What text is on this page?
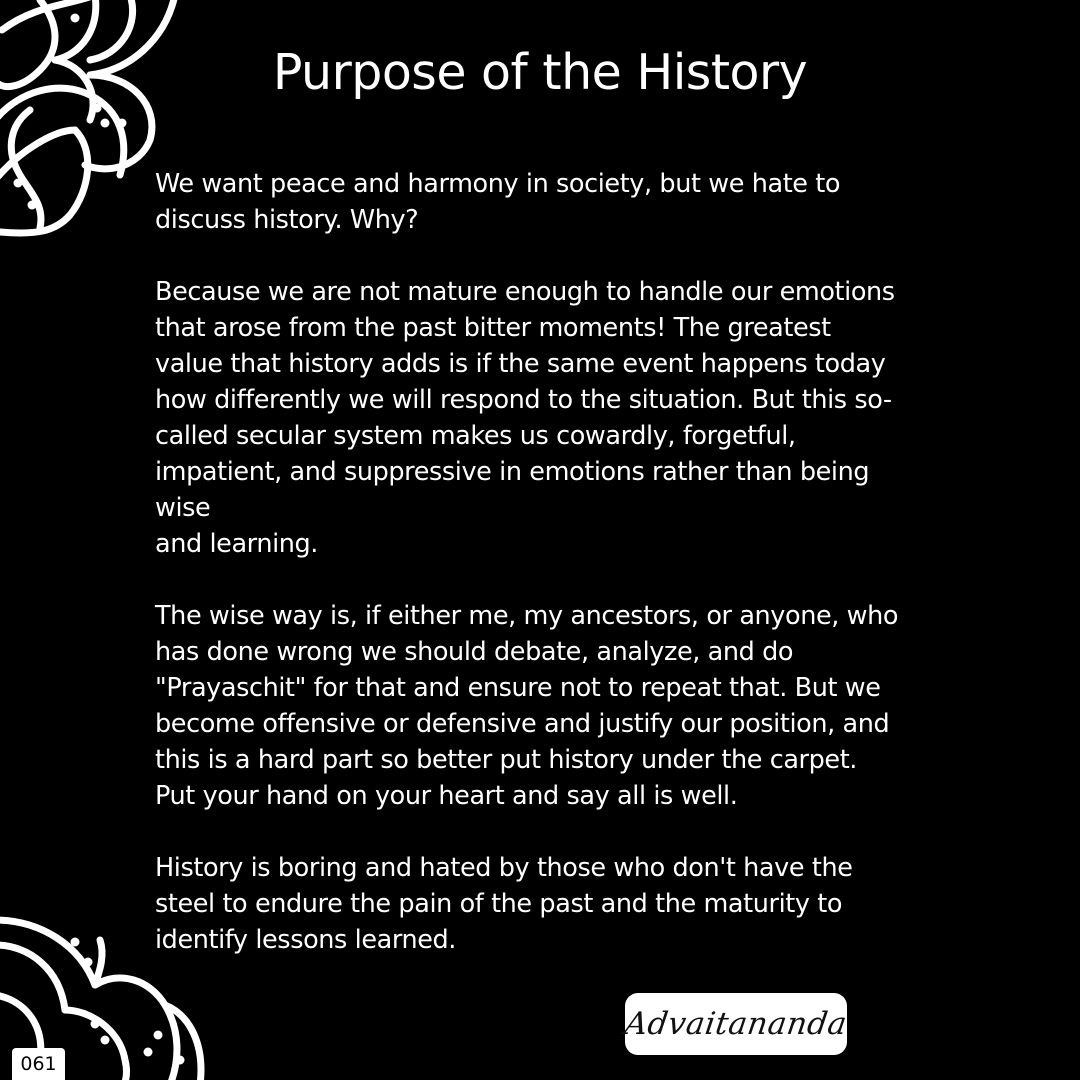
Purpose of the History

We want peace and harmony in society, but we hate to
discuss history. Why?

Because we are not mature enough to handle our emotions
that arose from the past bitter moments! The greatest
value that history adds is if the same event happens today
how differently we will respond to the situation. But this so-
called secular system makes us cowardly, forgetful,
impatient, and suppressive in emotions rather than being
wise
and learning.

The wise way is, if either me, my ancestors, or anyone, who
has done wrong we should debate, analyze, and do
"Prayaschit" for that and ensure not to repeat that. But we
become offensive or defensive and justify our position, and
this is a hard part so better put history under the carpet.
Put your hand on your heart and say all is well.

History is boring and hated by those who don't have the
steel to endure the pain of the past and the maturity to
identify lessons learned.

Advaitananda
061
